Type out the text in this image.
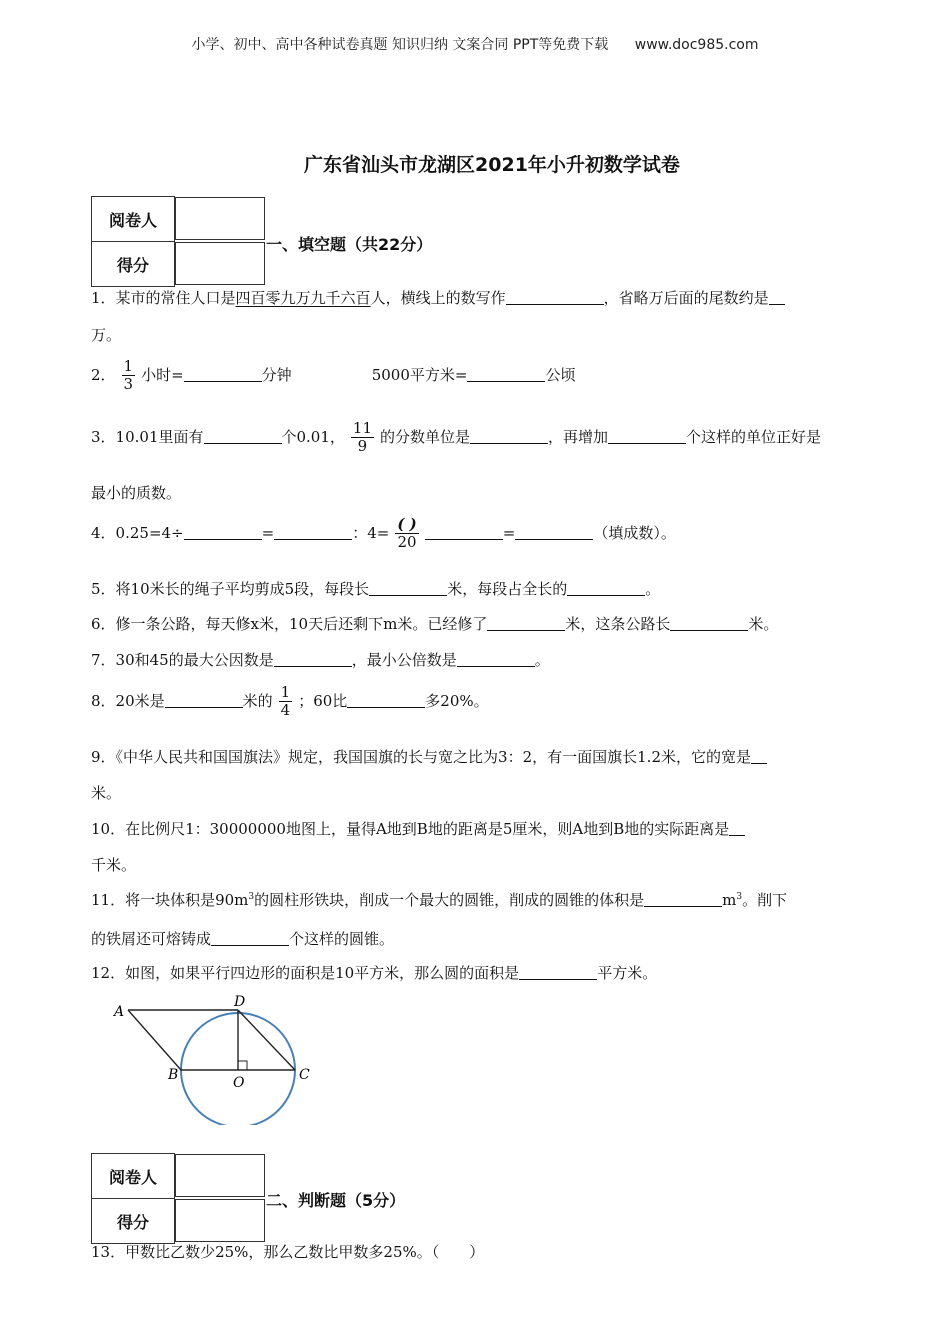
小学、初中、高中各种试卷真题 知识归纳 文案合同 PPT等免费下载 www.doc985.com
广东省汕头市龙湖区2021年小升初数学试卷
阅卷人	
得分	
一、填空题（共22分）
1．某市的常住人口是四百零九万九千六百人，横线上的数写作	，省略万后面的尾数约是
万。
2． $\frac{1}{3}$ 小时=	分钟	5000平方米=	公顷
3．10.01里面有	个0.01， $\frac{11}{9}$ 的分数单位是	，再增加	个这样的单位正好是
最小的质数。
4．0.25=4÷	=	：$4= \frac{( )}{20}$	=	（填成数）。
5．将10米长的绳子平均剪成5段，每段长	米，每段占全长的	。
6．修一条公路，每天修x米，10天后还剩下m米。已经修了	米，这条公路长	米。
7．30和45的最大公因数是	，最小公倍数是	。
8．20米是	米的 $\frac{1}{4}$ ；60比	多20%。
9．《中华人民共和国国旗法》规定，我国国旗的长与宽之比为3：2，有一面国旗长1.2米，它的宽是
米。
10．在比例尺1：30000000地图上，量得A地到B地的距离是5厘米，则A地到B地的实际距离是
千米。
11．将一块体积是$90m^3$的圆柱形铁块，削成一个最大的圆锥，削成的圆锥的体积是	$m^3$。削下
的铁屑还可熔铸成	个这样的圆锥。
12．如图，如果平行四边形的面积是10平方米，那么圆的面积是	平方米。
A
B	C
D
O
阅卷人	
得分	
二、判断题（5分）
13．甲数比乙数少25%，那么乙数比甲数多25%。（　　）
